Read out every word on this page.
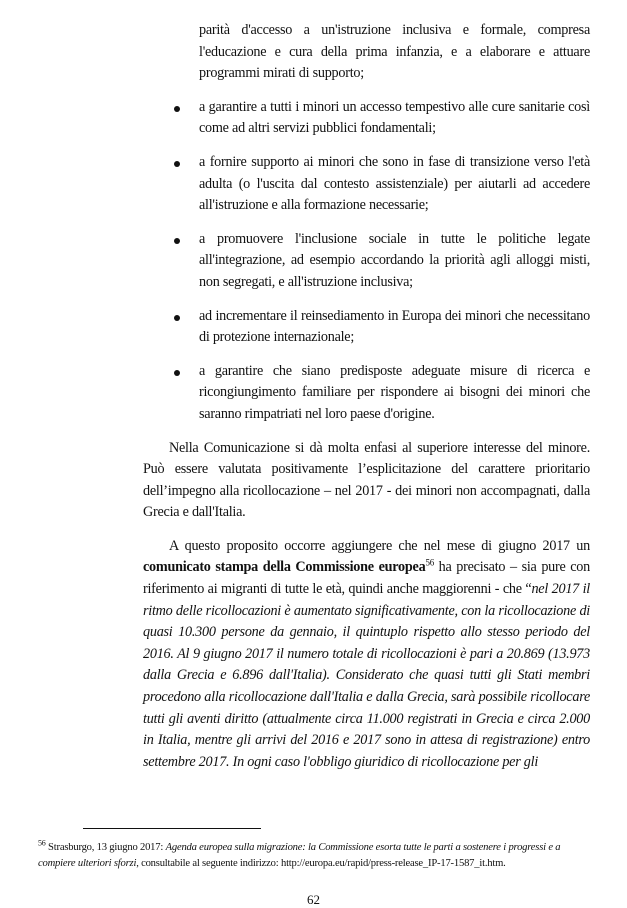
parità d'accesso a un'istruzione inclusiva e formale, compresa l'educazione e cura della prima infanzia, e a elaborare e attuare programmi mirati di supporto;
a garantire a tutti i minori un accesso tempestivo alle cure sanitarie così come ad altri servizi pubblici fondamentali;
a fornire supporto ai minori che sono in fase di transizione verso l'età adulta (o l'uscita dal contesto assistenziale) per aiutarli ad accedere all'istruzione e alla formazione necessarie;
a promuovere l'inclusione sociale in tutte le politiche legate all'integrazione, ad esempio accordando la priorità agli alloggi misti, non segregati, e all'istruzione inclusiva;
ad incrementare il reinsediamento in Europa dei minori che necessitano di protezione internazionale;
a garantire che siano predisposte adeguate misure di ricerca e ricongiungimento familiare per rispondere ai bisogni dei minori che saranno rimpatriati nel loro paese d'origine.

Nella Comunicazione si dà molta enfasi al superiore interesse del minore. Può essere valutata positivamente l’esplicitazione del carattere prioritario dell’impegno alla ricollocazione – nel 2017 - dei minori non accompagnati, dalla Grecia e dall'Italia.

A questo proposito occorre aggiungere che nel mese di giugno 2017 un comunicato stampa della Commissione europea$^{56}$ ha precisato – sia pure con riferimento ai migranti di tutte le età, quindi anche maggiorenni - che “nel 2017 il ritmo delle ricollocazioni è aumentato significativamente, con la ricollocazione di quasi 10.300 persone da gennaio, il quintuplo rispetto allo stesso periodo del 2016. Al 9 giugno 2017 il numero totale di ricollocazioni è pari a 20.869 (13.973 dalla Grecia e 6.896 dall'Italia). Considerato che quasi tutti gli Stati membri procedono alla ricollocazione dall'Italia e dalla Grecia, sarà possibile ricollocare tutti gli aventi diritto (attualmente circa 11.000 registrati in Grecia e circa 2.000 in Italia, mentre gli arrivi del 2016 e 2017 sono in attesa di registrazione) entro settembre 2017. In ogni caso l'obbligo giuridico di ricollocazione per gli

$^{56}$ Strasburgo, 13 giugno 2017: Agenda europea sulla migrazione: la Commissione esorta tutte le parti a sostenere i progressi e a compiere ulteriori sforzi, consultabile al seguente indirizzo: http://europa.eu/rapid/press-release_IP-17-1587_it.htm.
62
